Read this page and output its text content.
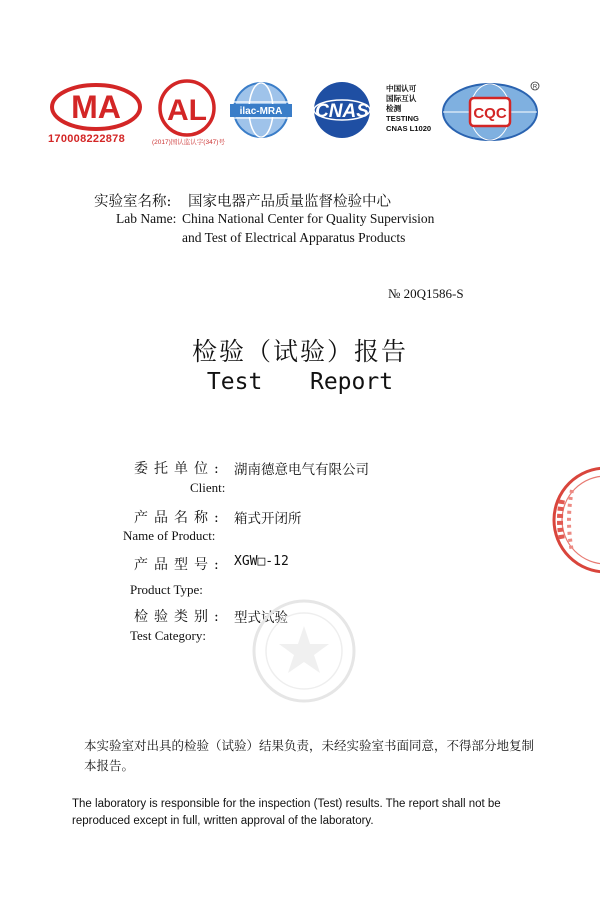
MA
170008222878
AL
(2017)国认监认字(347)号
ilac-MRA CNAS
中国认可
国际互认
检测
TESTING
CNAS L1020
CQC
R
实验室名称: 国家电器产品质量监督检验中心
Lab Name: China National Center for Quality Supervision
and Test of Electrical Apparatus Products
№ 20Q1586-S
检验（试验）报告
Test  Report
委托单位: 湖南德意电气有限公司
Client:
产品名称: 箱式开闭所
Name of Product:
产品型号: XGW□-12
Product Type:
检验类别: 型式试验
Test Category:
本实验室对出具的检验（试验）结果负责，未经实验室书面同意，不得部分地复制本报告。
The laboratory is responsible for the inspection (Test) results. The report shall not be reproduced except in full, written approval of the laboratory.
